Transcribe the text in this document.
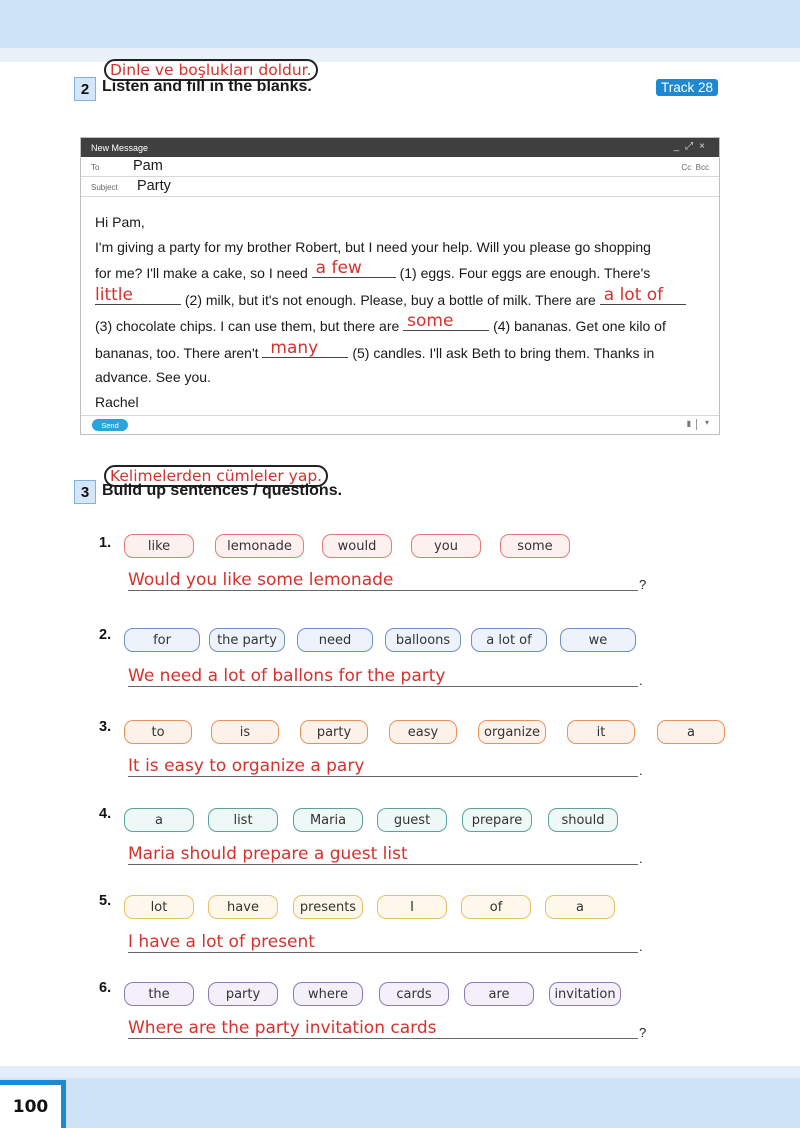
Dinle ve boşlukları doldur.
2 Listen and fill in the blanks.	Track 28
New Message	_⤢×
To Pam	Cc Bcc
Subject Party
Hi Pam,
I'm giving a party for my brother Robert, but I need your help. Will you please go shopping
for me? I'll make a cake, so I need a few	(1) eggs. Four eggs are enough. There's
little	(2) milk, but it's not enough. Please, buy a bottle of milk. There are a lot of
(3) chocolate chips. I can use them, but there are some	(4) bananas. Get one kilo of
bananas, too. There aren't many (5) candles. I'll ask Beth to bring them. Thanks in
advance. See you.
Rachel
Send	▮ ▾
Kelimelerden cümleler yap.
3 Build up sentences / questions.
1.	like	lemonade	would	you	some
Would you like some lemonade	?
2.	for	the party	need	balloons	a lot of	we
We need a lot of ballons for the party	.
3.	to	is	party	easy	organize	it	a
It is easy to organize a pary	.
4.	a	list	Maria	guest	prepare	should
Maria should prepare a guest list	.
5.	lot	have	presents	I	of	a
I have a lot of present	.
6.	the	party	where	cards	are	invitation
Where are the party invitation cards	?
100
